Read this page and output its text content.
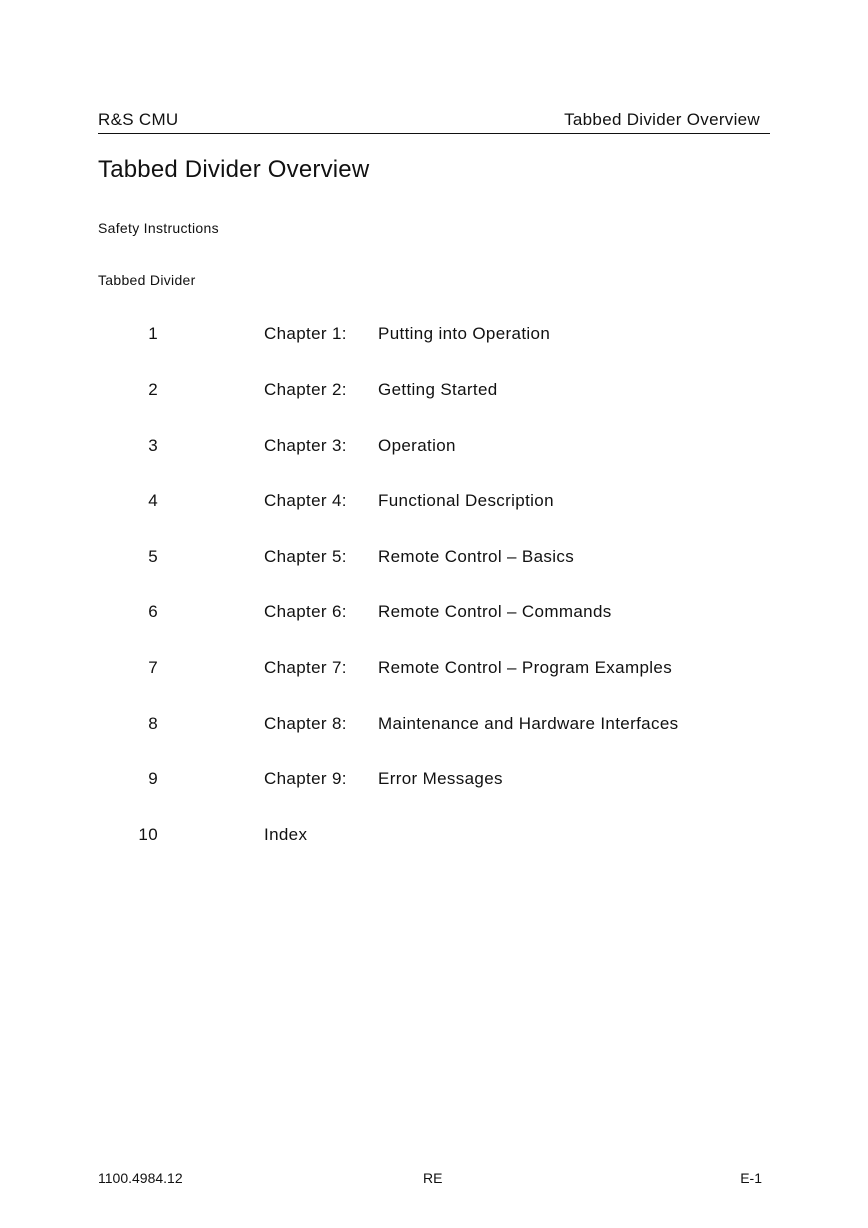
R&S CMU	Tabbed Divider Overview
Tabbed Divider Overview
Safety Instructions
Tabbed Divider
1	Chapter 1: Putting into Operation
2	Chapter 2: Getting Started
3	Chapter 3: Operation
4	Chapter 4: Functional Description
5	Chapter 5: Remote Control – Basics
6	Chapter 6: Remote Control – Commands
7	Chapter 7: Remote Control – Program Examples
8	Chapter 8: Maintenance and Hardware Interfaces
9	Chapter 9: Error Messages
10	Index
1100.4984.12	RE	E-1
